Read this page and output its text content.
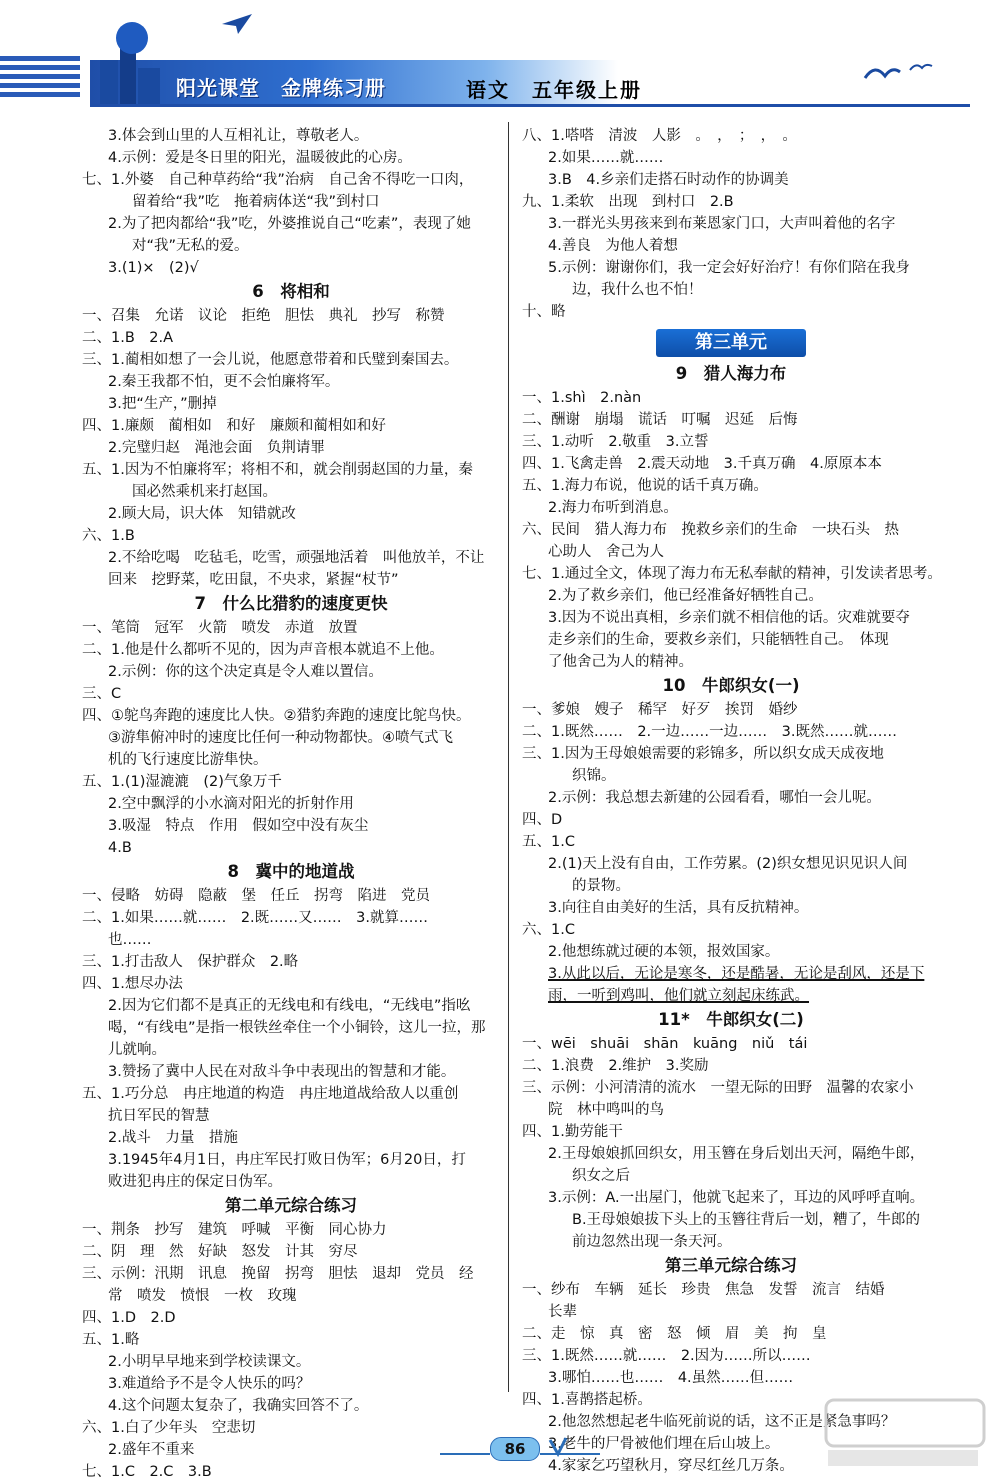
阳光课堂　金牌练习册	语文　五年级上册
3.体会到山里的人互相礼让，尊敬老人。
4.示例：爱是冬日里的阳光，温暖彼此的心房。
七、1.外婆　自己种草药给“我”治病　自己舍不得吃一口肉，
留着给“我”吃　拖着病体送“我”到村口
2.为了把肉都给“我”吃，外婆推说自己“吃素”，表现了她
对“我”无私的爱。
3.(1)×　(2)√
6　将相和
一、召集　允诺　议论　拒绝　胆怯　典礼　抄写　称赞
二、1.B　2.A
三、1.蔺相如想了一会儿说，他愿意带着和氏璧到秦国去。
2.秦王我都不怕，更不会怕廉将军。
3.把“生产，”删掉
四、1.廉颇　蔺相如　和好　廉颇和蔺相如和好
2.完璧归赵　渑池会面　负荆请罪
五、1.因为不怕廉将军；将相不和，就会削弱赵国的力量，秦
国必然乘机来打赵国。
2.顾大局，识大体　知错就改
六、1.B
2.不给吃喝　吃毡毛，吃雪，顽强地活着　叫他放羊，不让
回来　挖野菜，吃田鼠，不央求，紧握“杖节”
7　什么比猎豹的速度更快
一、笔筒　冠军　火箭　喷发　赤道　放置
二、1.他是什么都听不见的，因为声音根本就追不上他。
2.示例：你的这个决定真是令人难以置信。
三、C
四、①鸵鸟奔跑的速度比人快。②猎豹奔跑的速度比鸵鸟快。
③游隼俯冲时的速度比任何一种动物都快。④喷气式飞
机的飞行速度比游隼快。
五、1.(1)湿漉漉　(2)气象万千
2.空中飘浮的小水滴对阳光的折射作用
3.吸湿　特点　作用　假如空中没有灰尘
4.B
8　冀中的地道战
一、侵略　妨碍　隐蔽　堡　任丘　拐弯　陷进　党员
二、1.如果……就……　2.既……又……　3.就算……
也……
三、1.打击敌人　保护群众　2.略
四、1.想尽办法
2.因为它们都不是真正的无线电和有线电，“无线电”指吆
喝，“有线电”是指一根铁丝牵住一个小铜铃，这儿一拉，那
儿就响。
3.赞扬了冀中人民在对敌斗争中表现出的智慧和才能。
五、1.巧分总　冉庄地道的构造　冉庄地道战给敌人以重创
抗日军民的智慧
2.战斗　力量　措施
3.1945年4月1日，冉庄军民打败日伪军；6月20日，打
败进犯冉庄的保定日伪军。
第二单元综合练习
一、荆条　抄写　建筑　呼喊　平衡　同心协力
二、阴　理　然　好缺　怒发　计其　穷尽
三、示例：汛期　讯息　挽留　拐弯　胆怯　退却　党员　经
常　喷发　愤恨　一枚　玫瑰
四、1.D　2.D
五、1.略
2.小明早早地来到学校读课文。
3.难道给予不是令人快乐的吗？
4.这个问题太复杂了，我确实回答不了。
六、1.白了少年头　空悲切
2.盛年不重来
七、1.C　2.C　3.B
八、1.嗒嗒　清波　人影　。　，　；　，　。
2.如果……就……
3.B　4.乡亲们走搭石时动作的协调美
九、1.柔软　出现　到村口　2.B
3.一群光头男孩来到布莱恩家门口，大声叫着他的名字
4.善良　为他人着想
5.示例：谢谢你们，我一定会好好治疗！有你们陪在我身
边，我什么也不怕！
十、略
第三单元
9　猎人海力布
一、1.shì　2.nàn
二、酬谢　崩塌　谎话　叮嘱　迟延　后悔
三、1.动听　2.敬重　3.立誓
四、1.飞禽走兽　2.震天动地　3.千真万确　4.原原本本
五、1.海力布说，他说的话千真万确。
2.海力布听到消息。
六、民间　猎人海力布　挽救乡亲们的生命　一块石头　热
心助人　舍己为人
七、1.通过全文，体现了海力布无私奉献的精神，引发读者思考。
2.为了救乡亲们，他已经准备好牺牲自己。
3.因为不说出真相，乡亲们就不相信他的话。灾难就要夺
走乡亲们的生命，要救乡亲们，只能牺牲自己。　体现
了他舍己为人的精神。
10　牛郎织女(一)
一、爹娘　嫂子　稀罕　好歹　挨罚　婚纱
二、1.既然……　2.一边……一边……　3.既然……就……
三、1.因为王母娘娘需要的彩锦多，所以织女成天成夜地
织锦。
2.示例：我总想去新建的公园看看，哪怕一会儿呢。
四、D
五、1.C
2.(1)天上没有自由，工作劳累。(2)织女想见识见识人间
的景物。
3.向往自由美好的生活，具有反抗精神。
六、1.C
2.他想练就过硬的本领，报效国家。
3.从此以后，无论是寒冬，还是酷暑，无论是刮风，还是下
雨，一听到鸡叫，他们就立刻起床练武。
11*　牛郎织女(二)
一、wēi　shuāi　shān　kuāng　niǔ　tái
二、1.浪费　2.维护　3.奖励
三、示例：小河清清的流水　一望无际的田野　温馨的农家小
院　林中鸣叫的鸟
四、1.勤劳能干
2.王母娘娘抓回织女，用玉簪在身后划出天河，隔绝牛郎，
织女之后
3.示例：A.一出屋门，他就飞起来了，耳边的风呼呼直响。
B.王母娘娘拔下头上的玉簪往背后一划，糟了，牛郎的
前边忽然出现一条天河。
第三单元综合练习
一、纱布　车辆　延长　珍贵　焦急　发誓　流言　结婚
长辈
二、走　惊　真　密　怒　倾　眉　美　拘　皇
三、1.既然……就……　2.因为……所以……
3.哪怕……也……　4.虽然……但……
四、1.喜鹊搭起桥。
2.他忽然想起老牛临死前说的话，这不正是紧急事吗？
3.老牛的尸骨被他们埋在后山坡上。
4.家家乞巧望秋月，穿尽红丝几万条。
86
